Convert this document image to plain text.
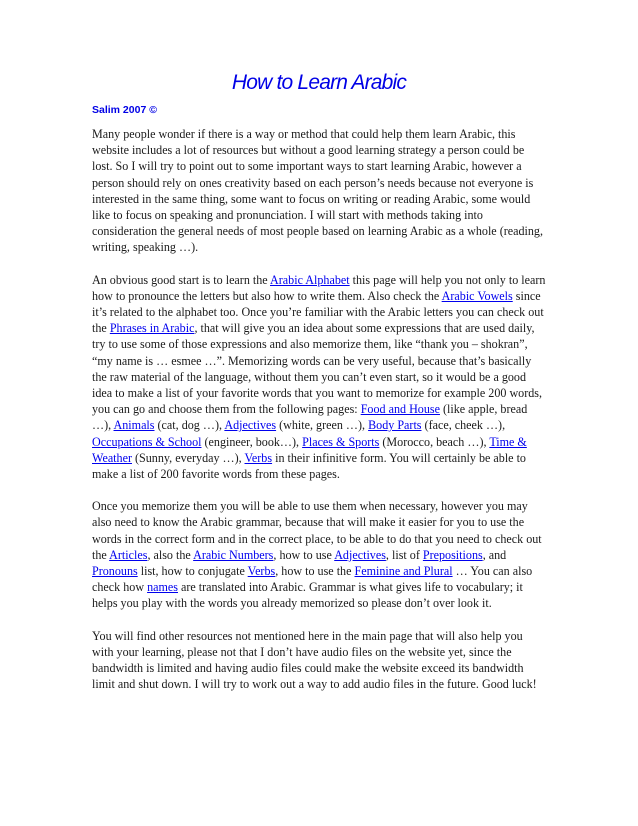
How to Learn Arabic
Salim 2007 ©

Many people wonder if there is a way or method that could help them learn Arabic, this website includes a lot of resources but without a good learning strategy a person could be lost. So I will try to point out to some important ways to start learning Arabic, however a person should rely on ones creativity based on each person’s needs because not everyone is interested in the same thing, some want to focus on writing or reading Arabic, some would like to focus on speaking and pronunciation. I will start with methods taking into consideration the general needs of most people based on learning Arabic as a whole (reading, writing, speaking …).

An obvious good start is to learn the Arabic Alphabet this page will help you not only to learn how to pronounce the letters but also how to write them. Also check the Arabic Vowels since it’s related to the alphabet too. Once you’re familiar with the Arabic letters you can check out the Phrases in Arabic, that will give you an idea about some expressions that are used daily, try to use some of those expressions and also memorize them, like “thank you – shokran”, “my name is … esmee …”. Memorizing words can be very useful, because that’s basically the raw material of the language, without them you can’t even start, so it would be a good idea to make a list of your favorite words that you want to memorize for example 200 words, you can go and choose them from the following pages: Food and House (like apple, bread …), Animals (cat, dog …), Adjectives (white, green …), Body Parts (face, cheek …), Occupations & School (engineer, book…), Places & Sports (Morocco, beach …), Time & Weather (Sunny, everyday …), Verbs in their infinitive form. You will certainly be able to make a list of 200 favorite words from these pages.

Once you memorize them you will be able to use them when necessary, however you may also need to know the Arabic grammar, because that will make it easier for you to use the words in the correct form and in the correct place, to be able to do that you need to check out the Articles, also the Arabic Numbers, how to use Adjectives, list of Prepositions, and Pronouns list, how to conjugate Verbs, how to use the Feminine and Plural … You can also check how names are translated into Arabic. Grammar is what gives life to vocabulary; it helps you play with the words you already memorized so please don’t over look it.

You will find other resources not mentioned here in the main page that will also help you with your learning, please not that I don’t have audio files on the website yet, since the bandwidth is limited and having audio files could make the website exceed its bandwidth limit and shut down. I will try to work out a way to add audio files in the future. Good luck!
